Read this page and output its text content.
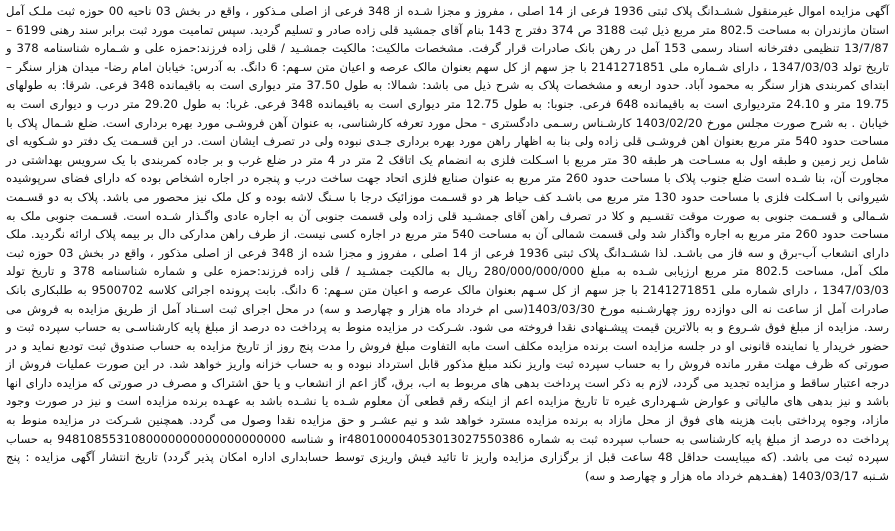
آگهی مزایده اموال غیرمنقول ششـدانگ پلاک ثبتی 1936 فرعی از 14 اصلی ، مفروز و مجزا شـده از 348 فرعی از اصلی مـذکور ، واقع در بخش 03 ناحیه 00 حوزه ثبت ملـک آمل استان مازندران به مساحت 802.5 متر مربع ذیل ثبت 3188 ص 374 دفتر ج 143 بنام آقای جمشید قلی زاده صادر و تسلیم گردید. سپس تمامیت مورد ثبت برابر سند رهنی 6199 – 13/7/87 تنظیمی دفترخانه اسناد رسمی 153 آمل در رهن بانک صادرات قرار گرفت. مشخصات مالکیت: مالکیت جمشـید / قلی زاده فرزند:حمزه علی و شـماره شناسنامه 378 و تاریخ تولد 1347/03/03 ، دارای شـماره ملی 2141271851 با جز سهم از کل سهم بعنوان مالک عرصه و اعیان متن سـهم: 6 دانگ. به آدرس: خیابان امام رضا- میدان هزار سنگر – ابتدای کمربندی هزار سنگر به محمود آباد. حدود اربعه و مشخصات پلاک به شرح ذیل می باشد: شمالا: به طول 37.50 متر دیواری است به باقیمانده 348 فرعی. شرقا: به طولهای 19.75 متر و 24.10 متردیواری است به باقیمانده 648 فرعی. جنوبا: به طول 12.75 متر دیواری است به باقیمانده 348 فرعی. غربا: به طول 29.20 متر درب و دیواری است به خیابان . به شرح صورت مجلس مورخ 1403/02/20 کارشـناس رسـمی دادگستری - محل مورد تعرفه کارشناسی، به عنوان آهن فروشـی مورد بهره برداری است. ضلع شـمال پلاک با مساحت حدود 540 متر مربع بعنوان اهن فروشـی قلی زاده ولی بنا به اظهار راهن مورد بهره برداری جـدی نبوده ولی در تصرف ایشان است. در این قسـمت یک دفتر دو شـکویه ای شامل زیر زمین و طبقه اول به مسـاحت هر طبقه 30 متر مربع با اسـکلت فلزی به انضمام یک اتاقک 2 متر در 4 متر در ضلع غرب و بر جاده کمربندی با یک سرویس بهداشتی در مجاورت آن، بنا شـده است ضلع جنوب پلاک با مساحت حدود 260 متر مربع به عنوان صنایع فلزی اتحاد جهت ساخت درب و پنجره در اجاره اشخاص بوده که دارای فضای سرپوشیده شیروانی با اسـکلت فلزی با مساحت حدود 130 متر مربع می باشـد کف حیاط هر دو قسـمت موزائیک درجا با سـنگ لاشه بوده و کل ملک نیز محصور می باشد. پلاک به دو قسـمت شـمالی و قسـمت جنوبی به صورت موقت تقسـیم و کلا در تصرف راهن آقای جمشـید قلی زاده ولی قسمت جنوبی آن به اجاره عادی واگـذار شـده است. قسـمت جنوبی ملک به مساحت حدود 260 متر مربع به اجاره واگذار شد ولی قسمت شمالی آن به مساحت 540 متر مربع در اجاره کسی نیست. از طرف راهن مدارکی دال بر بیمه پلاک ارائه نگردید. ملک دارای انشعاب آب-برق و سه فاز می باشـد. لذا ششـدانگ پلاک ثبتی 1936 فرعی از 14 اصلی ، مفروز و مجزا شده از 348 فرعی از اصلی مذکور ، واقع در بخش 03 حوزه ثبت ملک آمل، مساحت 802.5 متر مربع ارزیابی شـده به مبلغ 280/000/000/000 ریال به مالکیت جمشـید / قلی زاده فرزند:حمزه علی و شماره شناسنامه 378 و تاریخ تولد 1347/03/03 ، دارای شماره ملی 2141271851 با جز سهم از کل سـهم بعنوان مالک عرصه و اعیان متن سـهم: 6 دانگ. بابت پرونده اجرائی کلاسه 9500702 به طلبکاری بانک صادرات آمل از ساعت نه الی دوازده روز چهارشـنبه مورخ 1403/03/30(سی ام خرداد ماه هزار و چهارصد و سه) در محل اجرای ثبت اسـناد آمل از طریق مزایده به فروش می رسد. مزایده از مبلغ فوق شـروع و به بالاترین قیمت پیشـنهادی نقدا فروخته می شود. شـرکت در مزایده منوط به پرداخت ده درصد از مبلغ پایه کارشناسـی به حساب سپرده ثبت و حضور خریدار یا نماینده قانونی او در جلسه مزایده است برنده مزایده مکلف است مابه التفاوت مبلغ فروش را مدت پنج روز از تاریخ مزایده به حساب صندوق ثبت تودیع نماید و در صورتی که ظرف مهلت مقرر مانده فروش را به حساب سپرده ثبت واریز نکند مبلغ مذکور قابل استرداد نبوده و به حساب خزانه واریز خواهد شد. در این صورت عملیات فروش از درجه اعتبار ساقط و مزایده تجدید می گردد، لازم به ذکر است پرداخت بدهی های مربوط به اب، برق، گاز اعم از انشعاب و یا حق اشتراک و مصرف در صورتی که مزایده دارای انها باشد و نیز بدهی های مالیاتی و عوارض شـهرداری غیره تا تاریخ مزایده اعم از اینکه رقم قطعی آن معلوم شـده یا نشـده باشد به عهـده برنده مزایده است و نیز در صورت وجود مازاد، وجوه پرداختی بابت هزینه های فوق از محل مازاد به برنده مزایده مسترد خواهد شد و نیم عشـر و حق مزایده نقدا وصول می گردد. همچنین شـرکت در مزایده منوط به پرداخت ده درصد از مبلغ پایه کارشناسی به حساب سپرده ثبت به شماره ir480100004053013027550386 و شناسه 9481085531080000000000000000000 به حساب سپرده ثبت می باشد. (که میبایست حداقل 48 ساعت قبل از برگزاری مزایده واریز تا تائید فیش واریزی توسط حسابداری اداره امکان پذیر گردد) تاریخ انتشار آگهی مزایده : پنج شـنبه 1403/03/17 (هفـدهم خرداد ماه هزار و چهارصد و سه)
